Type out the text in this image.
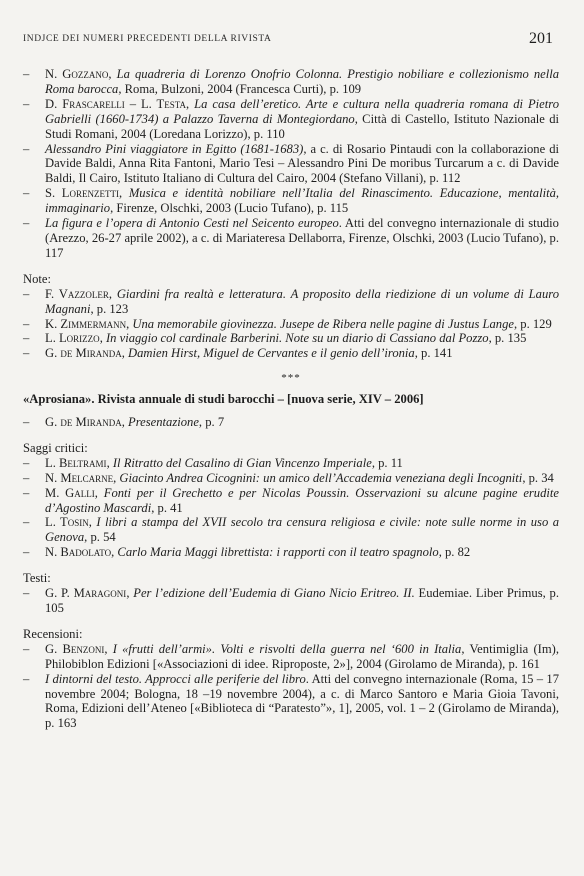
INDJCE DEI NUMERI PRECEDENTI DELLA RIVISTA	201
– N. Gozzano, La quadreria di Lorenzo Onofrio Colonna. Prestigio nobiliare e collezionismo nella Roma barocca, Roma, Bulzoni, 2004 (Francesca Curti), p. 109
– D. Frascarelli – L. Testa, La casa dell’eretico. Arte e cultura nella quadreria romana di Pietro Gabrielli (1660-1734) a Palazzo Taverna di Montegiordano, Città di Castello, Istituto Nazionale di Studi Romani, 2004 (Loredana Lorizzo), p. 110
– Alessandro Pini viaggiatore in Egitto (1681-1683), a c. di Rosario Pintaudi con la collaborazione di Davide Baldi, Anna Rita Fantoni, Mario Tesi – Alessandro Pini De moribus Turcarum a c. di Davide Baldi, Il Cairo, Istituto Italiano di Cultura del Cairo, 2004 (Stefano Villani), p. 112
– S. Lorenzetti, Musica e identità nobiliare nell’Italia del Rinascimento. Educazione, mentalità, immaginario, Firenze, Olschki, 2003 (Lucio Tufano), p. 115
– La figura e l’opera di Antonio Cesti nel Seicento europeo. Atti del convegno internazionale di studio (Arezzo, 26-27 aprile 2002), a c. di Mariateresa Dellaborra, Firenze, Olschki, 2003 (Lucio Tufano), p. 117
Note:
– F. Vazzoler, Giardini fra realtà e letteratura. A proposito della riedizione di un volume di Lauro Magnani, p. 123
– K. Zimmermann, Una memorabile giovinezza. Jusepe de Ribera nelle pagine di Justus Lange, p. 129
– L. Lorizzo, In viaggio col cardinale Barberini. Note su un diario di Cassiano dal Pozzo, p. 135
– G. de Miranda, Damien Hirst, Miguel de Cervantes e il genio dell’ironia, p. 141
***
«Aprosiana». Rivista annuale di studi barocchi – [nuova serie, XIV – 2006]
– G. de Miranda, Presentazione, p. 7
Saggi critici:
– L. Beltrami, Il Ritratto del Casalino di Gian Vincenzo Imperiale, p. 11
– N. Melcarne, Giacinto Andrea Cicognini: un amico dell’Accademia veneziana degli Incogniti, p. 34
– M. Galli, Fonti per il Grechetto e per Nicolas Poussin. Osservazioni su alcune pagine erudite d’Agostino Mascardi, p. 41
– L. Tosin, I libri a stampa del XVII secolo tra censura religiosa e civile: note sulle norme in uso a Genova, p. 54
– N. Badolato, Carlo Maria Maggi librettista: i rapporti con il teatro spagnolo, p. 82
Testi:
– G. P. Maragoni, Per l’edizione dell’Eudemia di Giano Nicio Eritreo. II. Eudemiae. Liber Primus, p. 105
Recensioni:
– G. Benzoni, I «frutti dell’armi». Volti e risvolti della guerra nel ‘600 in Italia, Ventimiglia (Im), Philobiblon Edizioni [«Associazioni di idee. Riproposte, 2»], 2004 (Girolamo de Miranda), p. 161
– I dintorni del testo. Approcci alle periferie del libro. Atti del convegno internazionale (Roma, 15 – 17 novembre 2004; Bologna, 18 –19 novembre 2004), a c. di Marco Santoro e Maria Gioia Tavoni, Roma, Edizioni dell’Ateneo [«Biblioteca di “Paratesto”», 1], 2005, vol. 1 – 2 (Girolamo de Miranda), p. 163
